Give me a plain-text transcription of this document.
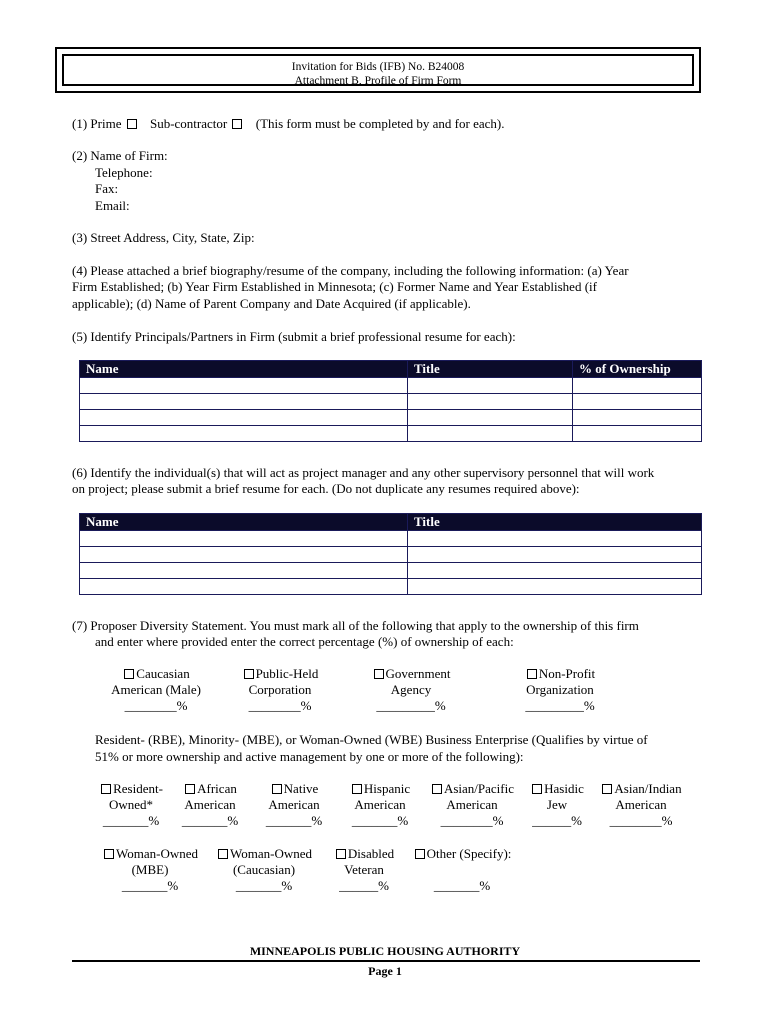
Invitation for Bids (IFB) No. B24008
Attachment B, Profile of Firm Form
(1) Prime Sub-contractor (This form must be completed by and for each).
(2) Name of Firm:
Telephone:
Fax:
Email:
(3) Street Address, City, State, Zip:
(4) Please attached a brief biography/resume of the company, including the following information: (a) Year
Firm Established; (b) Year Firm Established in Minnesota; (c) Former Name and Year Established (if
applicable); (d) Name of Parent Company and Date Acquired (if applicable).
(5) Identify Principals/Partners in Firm (submit a brief professional resume for each):
Name	Title	% of Ownership

(6) Identify the individual(s) that will act as project manager and any other supervisory personnel that will work
on project; please submit a brief resume for each. (Do not duplicate any resumes required above):
Name	Title

(7) Proposer Diversity Statement. You must mark all of the following that apply to the ownership of this firm
and enter where provided enter the correct percentage (%) of ownership of each:
Caucasian
American (Male)
________%
Public-Held
Corporation
________%
Government
Agency
_________%
Non-Profit
Organization
_________%
Resident- (RBE), Minority- (MBE), or Woman-Owned (WBE) Business Enterprise (Qualifies by virtue of
51% or more ownership and active management by one or more of the following):
Resident-
Owned*
_______%
African
American
_______%
Native
American
_______%
Hispanic
American
_______%
Asian/Pacific
American
________%
Hasidic
Jew
______%
Asian/Indian
American
________%
Woman-Owned
(MBE)
_______%
Woman-Owned
(Caucasian)
_______%
Disabled
Veteran
______%
Other (Specify):

_______%
MINNEAPOLIS PUBLIC HOUSING AUTHORITY
Page 1
